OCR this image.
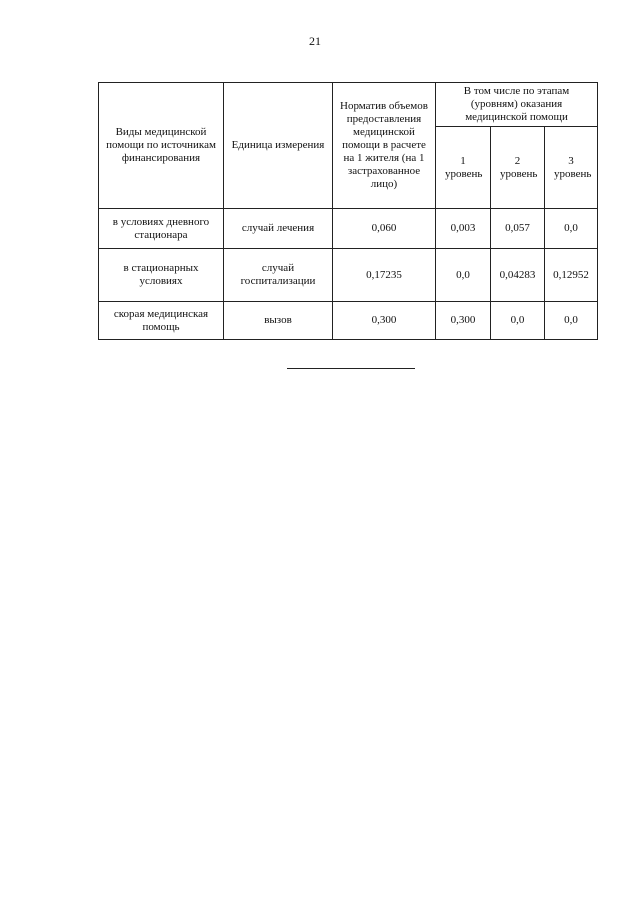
21
Виды медицинской помощи по источникам финансирования	Единица измерения	Норматив объемов предоставления медицинской помощи в расчете на 1 жителя (на 1 застрахованное лицо)	В том числе по этапам (уровням) оказания медицинской помощи		

			1 уровень	2 уровень	3 уровень

в условиях дневного стационара	случай лечения	0,060	0,003	0,057	0,0
в стационарных условиях	случай госпитализации	0,17235	0,0	0,04283	0,12952
скорая медицинская помощь	вызов	0,300	0,300	0,0	0,0
